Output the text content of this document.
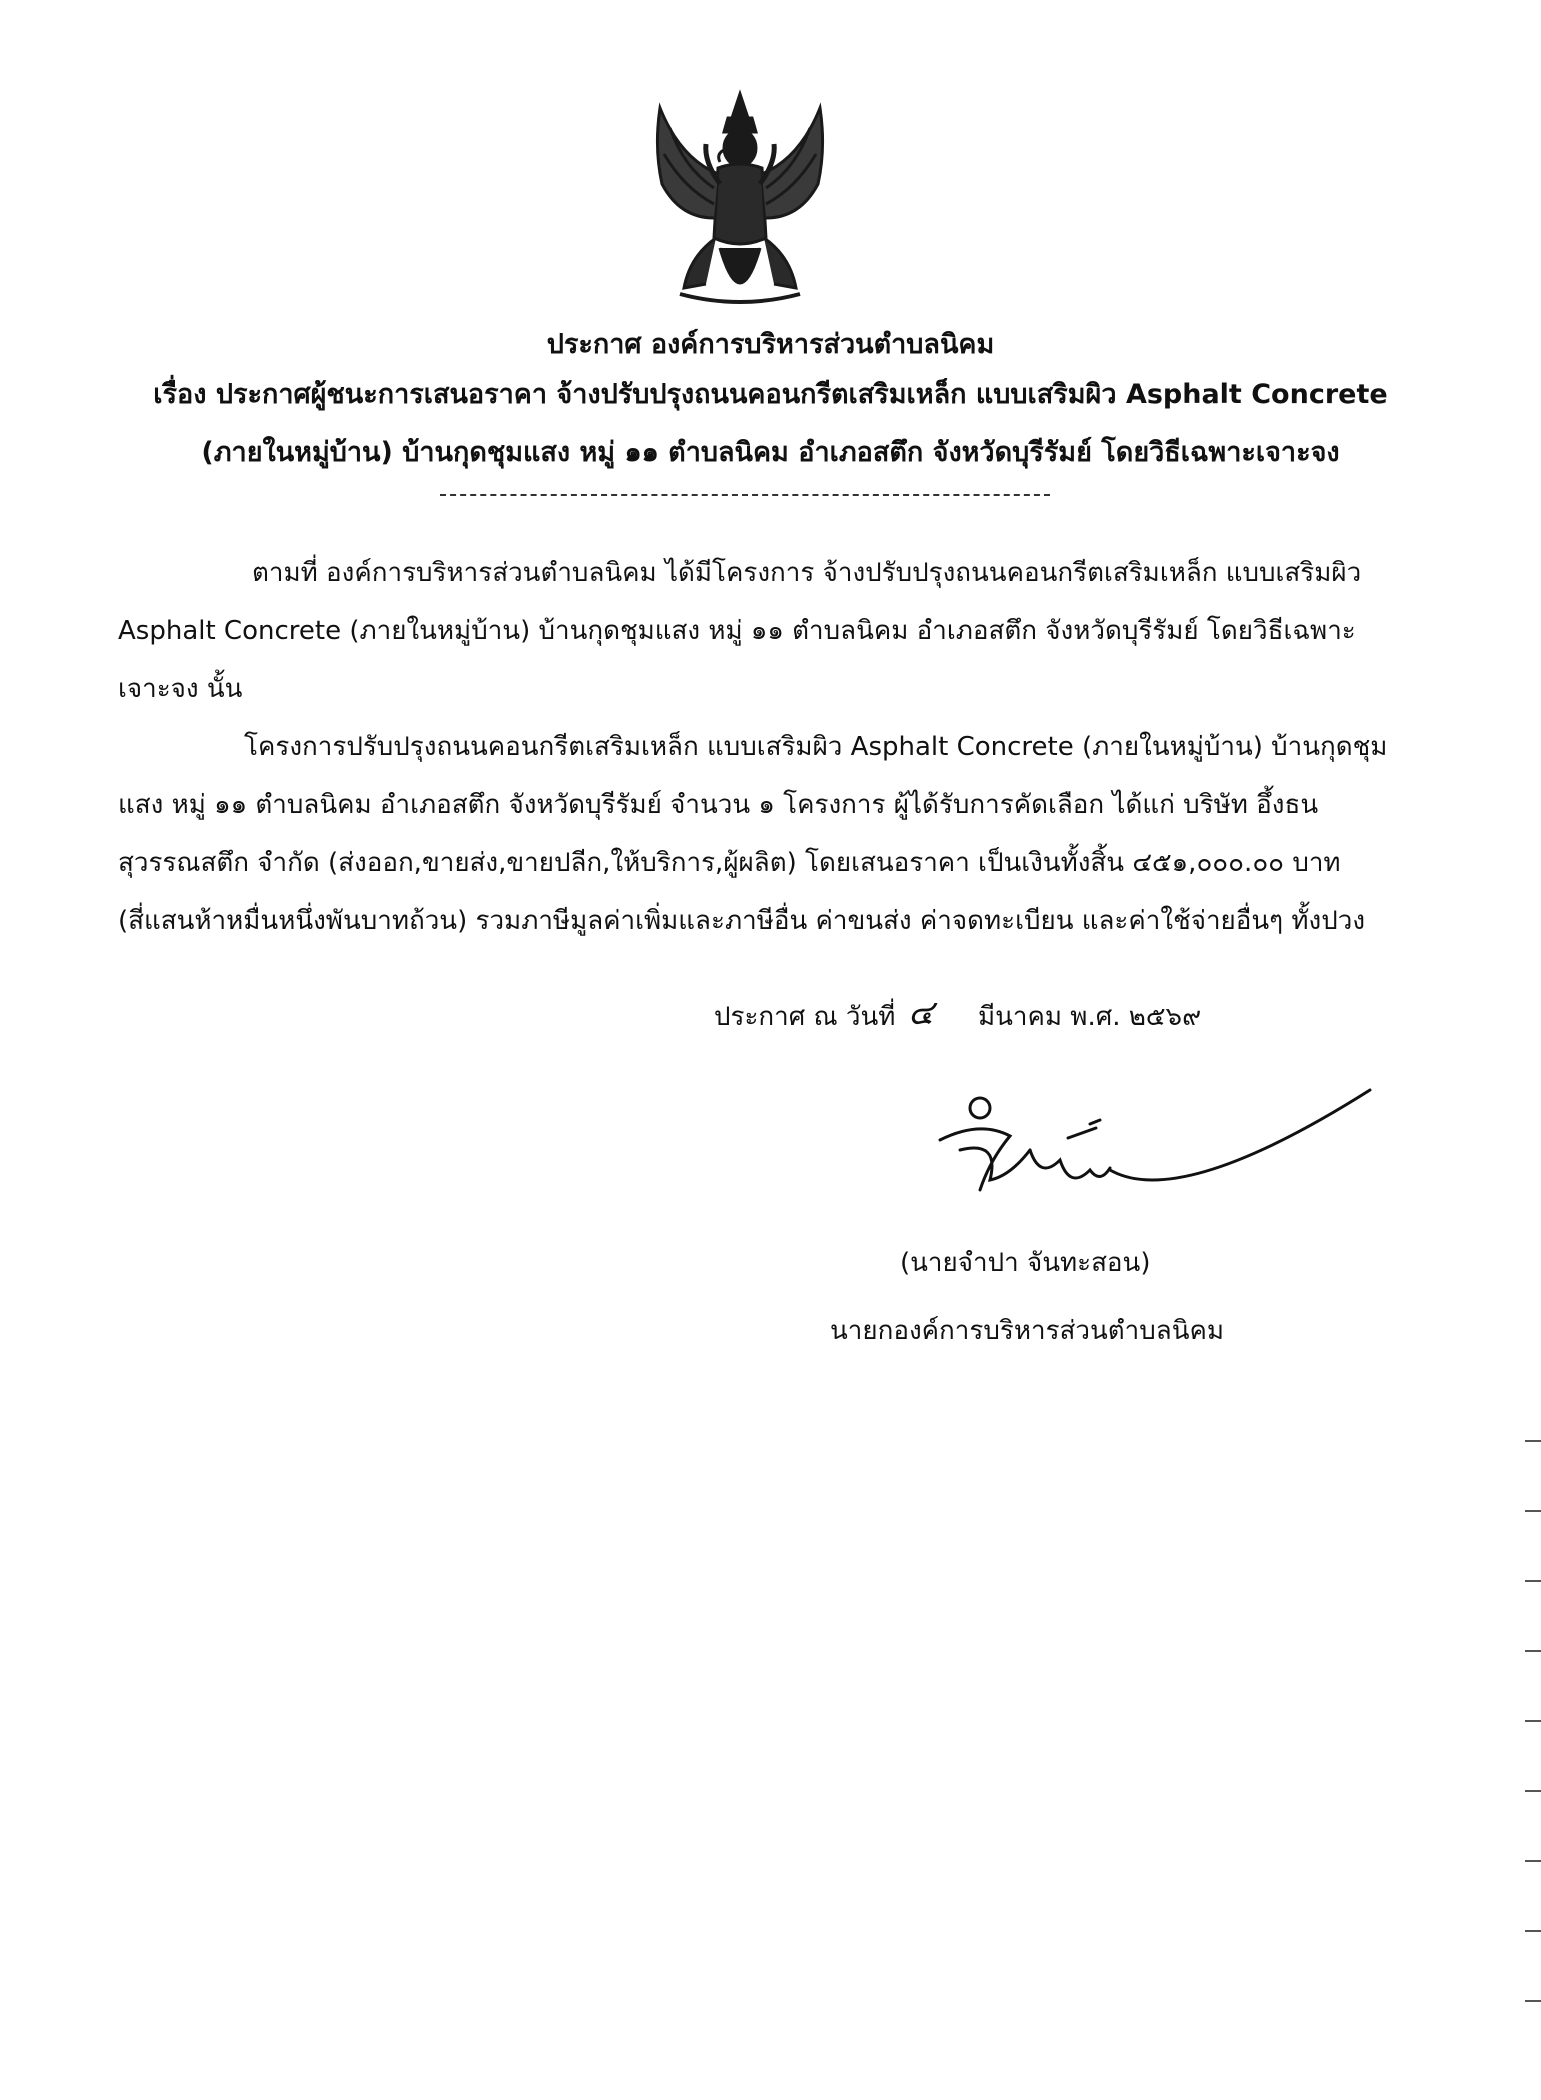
ประกาศ องค์การบริหารส่วนตำบลนิคม
เรื่อง ประกาศผู้ชนะการเสนอราคา จ้างปรับปรุงถนนคอนกรีตเสริมเหล็ก แบบเสริมผิว Asphalt Concrete
(ภายในหมู่บ้าน) บ้านกุดชุมแสง หมู่ ๑๑ ตำบลนิคม อำเภอสตึก จังหวัดบุรีรัมย์ โดยวิธีเฉพาะเจาะจง
ตามที่ องค์การบริหารส่วนตำบลนิคม ได้มีโครงการ จ้างปรับปรุงถนนคอนกรีตเสริมเหล็ก แบบเสริมผิว
Asphalt Concrete (ภายในหมู่บ้าน) บ้านกุดชุมแสง หมู่ ๑๑ ตำบลนิคม อำเภอสตึก จังหวัดบุรีรัมย์ โดยวิธีเฉพาะ
เจาะจง นั้น
โครงการปรับปรุงถนนคอนกรีตเสริมเหล็ก แบบเสริมผิว Asphalt Concrete (ภายในหมู่บ้าน) บ้านกุดชุม
แสง หมู่ ๑๑ ตำบลนิคม อำเภอสตึก จังหวัดบุรีรัมย์ จำนวน ๑ โครงการ ผู้ได้รับการคัดเลือก ได้แก่ บริษัท อึ้งธน
สุวรรณสตึก จำกัด (ส่งออก,ขายส่ง,ขายปลีก,ให้บริการ,ผู้ผลิต) โดยเสนอราคา เป็นเงินทั้งสิ้น ๔๕๑,๐๐๐.๐๐ บาท
(สี่แสนห้าหมื่นหนึ่งพันบาทถ้วน) รวมภาษีมูลค่าเพิ่มและภาษีอื่น ค่าขนส่ง ค่าจดทะเบียน และค่าใช้จ่ายอื่นๆ ทั้งปวง
ประกาศ ณ วันที่ ๔ มีนาคม พ.ศ. ๒๕๖๙
(นายจำปา จันทะสอน)
นายกองค์การบริหารส่วนตำบลนิคม
